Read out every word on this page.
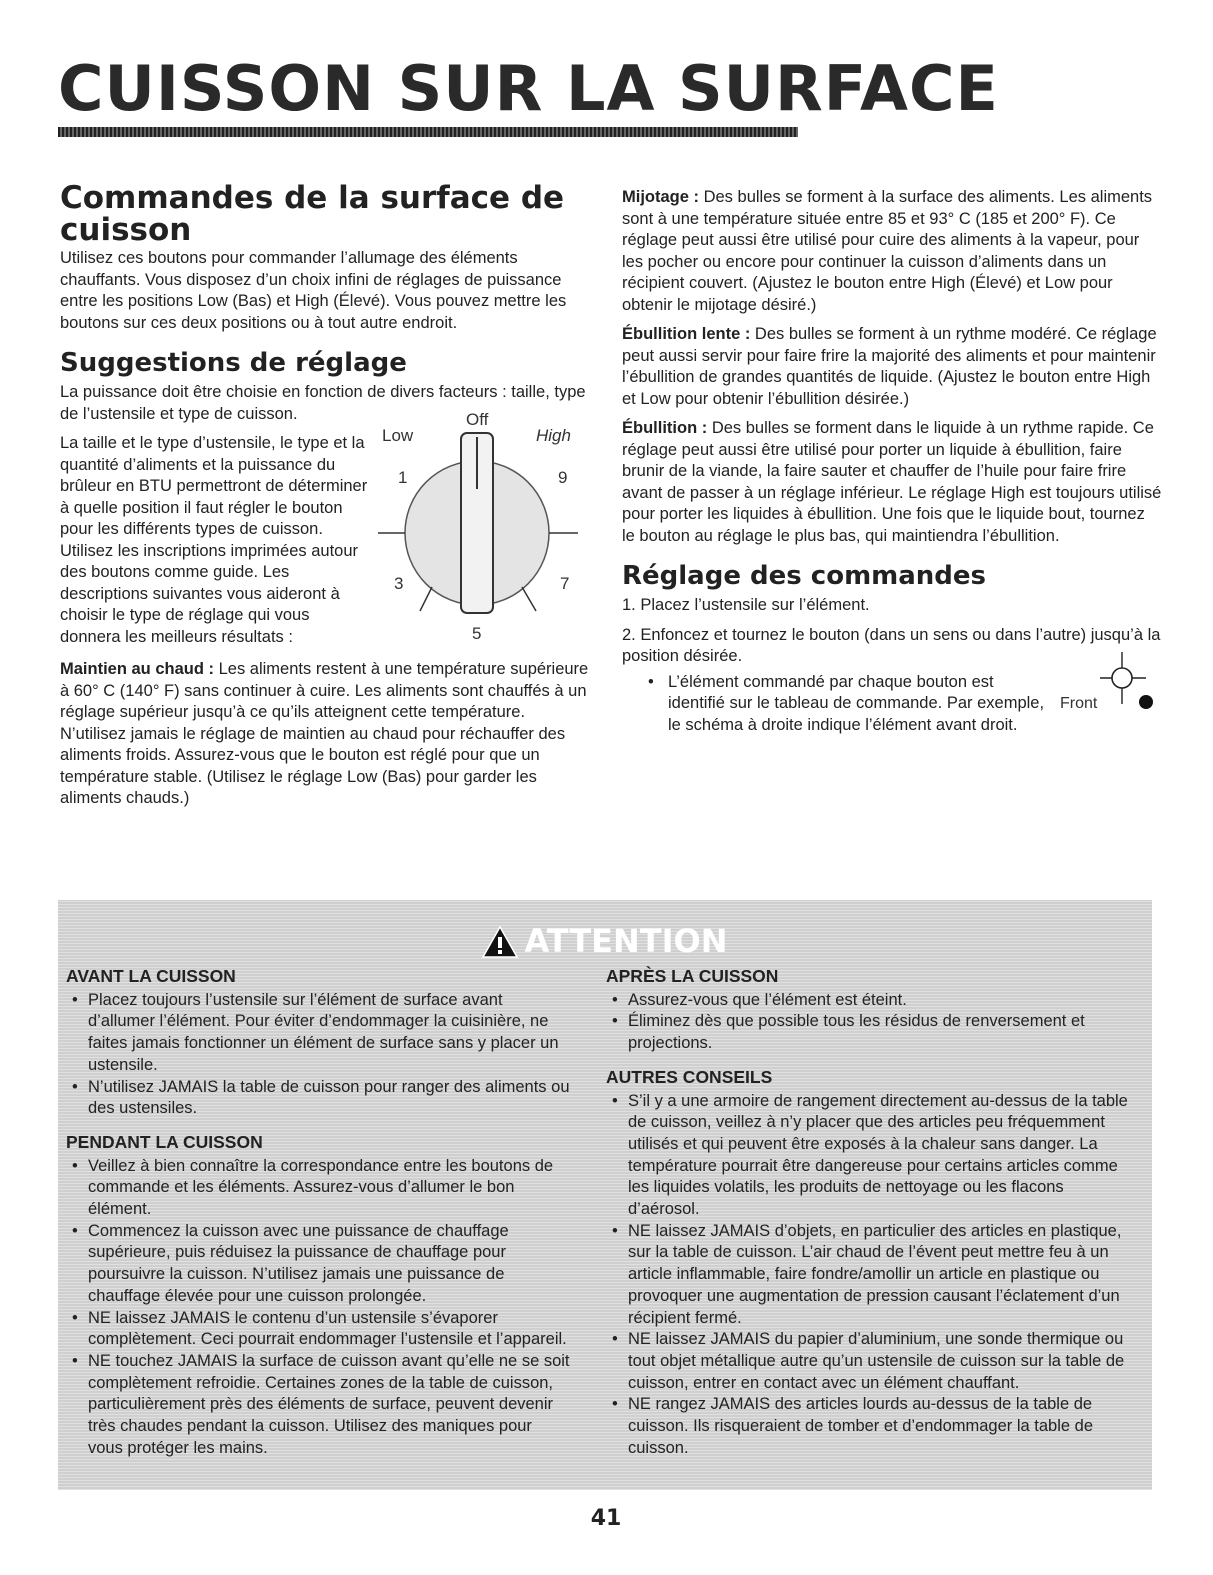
CUISSON SUR LA SURFACE
Commandes de la surface de cuisson

Utilisez ces boutons pour commander l’allumage des éléments chauffants. Vous disposez d’un choix infini de réglages de puissance entre les positions Low (Bas) et High (Élevé). Vous pouvez mettre les boutons sur ces deux positions ou à tout autre endroit.

Suggestions de réglage

La puissance doit être choisie en fonction de divers facteurs : taille, type de l’ustensile et type de cuisson.

La taille et le type d’ustensile, le type et la quantité d’aliments et la puissance du brûleur en BTU permettront de déterminer à quelle position il faut régler le bouton pour les différents types de cuisson. Utilisez les inscriptions imprimées autour des boutons comme guide. Les descriptions suivantes vous aideront à choisir le type de réglage qui vous donnera les meilleurs résultats :
Off
Low	High
1	9
3	7
5

Maintien au chaud : Les aliments restent à une température supérieure à 60° C (140° F) sans continuer à cuire. Les aliments sont chauffés à un réglage supérieur jusqu’à ce qu’ils atteignent cette température. N’utilisez jamais le réglage de maintien au chaud pour réchauffer des aliments froids. Assurez-vous que le bouton est réglé pour que un température stable. (Utilisez le réglage Low (Bas) pour garder les aliments chauds.)

Mijotage : Des bulles se forment à la surface des aliments. Les aliments sont à une température située entre 85 et 93° C (185 et 200° F). Ce réglage peut aussi être utilisé pour cuire des aliments à la vapeur, pour les pocher ou encore pour continuer la cuisson d’aliments dans un récipient couvert. (Ajustez le bouton entre High (Élevé) et Low pour obtenir le mijotage désiré.)

Ébullition lente : Des bulles se forment à un rythme modéré. Ce réglage peut aussi servir pour faire frire la majorité des aliments et pour maintenir l’ébullition de grandes quantités de liquide. (Ajustez le bouton entre High et Low pour obtenir l’ébullition désirée.)

Ébullition : Des bulles se forment dans le liquide à un rythme rapide. Ce réglage peut aussi être utilisé pour porter un liquide à ébullition, faire brunir de la viande, la faire sauter et chauffer de l’huile pour faire frire avant de passer à un réglage inférieur. Le réglage High est toujours utilisé pour porter les liquides à ébullition. Une fois que le liquide bout, tournez le bouton au réglage le plus bas, qui maintiendra l’ébullition.

Réglage des commandes
1. Placez l’ustensile sur l’élément.
2. Enfoncez et tournez le bouton (dans un sens ou dans l’autre) jusqu’à la position désirée.
• L’élément commandé par chaque bouton est identifié sur le tableau de commande. Par exemple, le schéma à droite indique l’élément avant droit.
Front
ATTENTION
AVANT LA CUISSON
• Placez toujours l’ustensile sur l’élément de surface avant d’allumer l’élément. Pour éviter d’endommager la cuisinière, ne faites jamais fonctionner un élément de surface sans y placer un ustensile.
• N’utilisez JAMAIS la table de cuisson pour ranger des aliments ou des ustensiles.
PENDANT LA CUISSON
• Veillez à bien connaître la correspondance entre les boutons de commande et les éléments. Assurez-vous d’allumer le bon élément.
• Commencez la cuisson avec une puissance de chauffage supérieure, puis réduisez la puissance de chauffage pour poursuivre la cuisson. N’utilisez jamais une puissance de chauffage élevée pour une cuisson prolongée.
• NE laissez JAMAIS le contenu d’un ustensile s’évaporer complètement. Ceci pourrait endommager l’ustensile et l’appareil.
• NE touchez JAMAIS la surface de cuisson avant qu’elle ne se soit complètement refroidie. Certaines zones de la table de cuisson, particulièrement près des éléments de surface, peuvent devenir très chaudes pendant la cuisson. Utilisez des maniques pour vous protéger les mains.
APRÈS LA CUISSON
• Assurez-vous que l’élément est éteint.
• Éliminez dès que possible tous les résidus de renversement et projections.
AUTRES CONSEILS
• S’il y a une armoire de rangement directement au-dessus de la table de cuisson, veillez à n’y placer que des articles peu fréquemment utilisés et qui peuvent être exposés à la chaleur sans danger. La température pourrait être dangereuse pour certains articles comme les liquides volatils, les produits de nettoyage ou les flacons d’aérosol.
• NE laissez JAMAIS d’objets, en particulier des articles en plastique, sur la table de cuisson. L’air chaud de l’évent peut mettre feu à un article inflammable, faire fondre/amollir un article en plastique ou provoquer une augmentation de pression causant l’éclatement d’un récipient fermé.
• NE laissez JAMAIS du papier d’aluminium, une sonde thermique ou tout objet métallique autre qu’un ustensile de cuisson sur la table de cuisson, entrer en contact avec un élément chauffant.
• NE rangez JAMAIS des articles lourds au-dessus de la table de cuisson. Ils risqueraient de tomber et d’endommager la table de cuisson.
41
